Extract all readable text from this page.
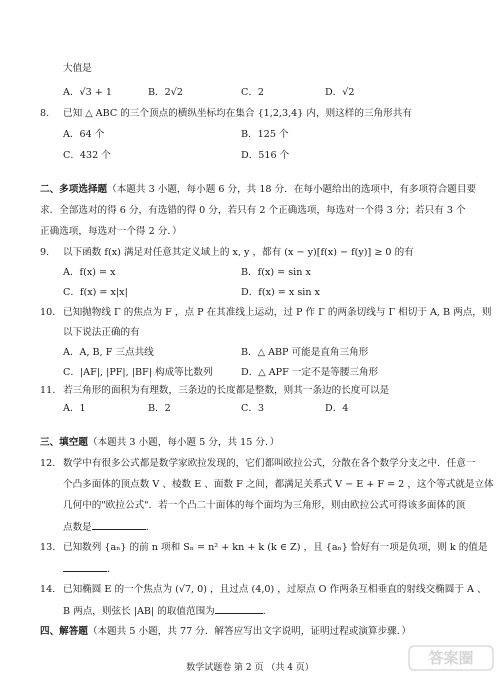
大值是
A．√3 + 1	B．2√2	C．2	D．√2
8. 已知 △ ABC 的三个顶点的横纵坐标均在集合 {1,2,3,4} 内，则这样的三角形共有
A．64 个	B．125 个
C．432 个	D．516 个
二、多项选择题（本题共 3 小题，每小题 6 分，共 18 分．在每小题给出的选项中，有多项符合题目要
求．全部选对的得 6 分，有选错的得 0 分，若只有 2 个正确选项，每选对一个得 3 分；若只有 3 个
正确选项，每选对一个得 2 分．）
9. 以下函数 f(x) 满足对任意其定义域上的 x, y ，都有 (x − y)[f(x) − f(y)] ≥ 0 的有
A．f(x) = x	B．f(x) = sin x
C．f(x) = x|x|	D．f(x) = x sin x
10. 已知抛物线 Γ 的焦点为 F ，点 P 在其准线上运动，过 P 作 Γ 的两条切线与 Γ 相切于 A, B 两点，则
以下说法正确的有
A．A, B, F 三点共线	B．△ ABP 可能是直角三角形
C．|AF|, |PF|, |BF| 构成等比数列	D．△ APF 一定不是等腰三角形
11. 若三角形的面积为有理数，三条边的长度都是整数，则其一条边的长度可以是
A．1	B．2	C．3	D．4
三、填空题（本题共 3 小题，每小题 5 分，共 15 分．）
12. 数学中有很多公式都是数学家欧拉发现的，它们都叫欧拉公式，分散在各个数学分支之中．任意一
个凸多面体的顶点数 V 、棱数 E 、面数 F 之间，都满足关系式 V − E + F = 2 ，这个等式就是立体
几何中的"欧拉公式"．若一个凸二十面体的每个面均为三角形，则由欧拉公式可得该多面体的顶
点数是	．
13. 已知数列 {aₙ} 的前 n 项和 Sₙ = n² + kn + k (k ∈ Z) ，且 {aₙ} 恰好有一项是负项，则 k 的值是
．
14. 已知椭圆 E 的一个焦点为 (√7, 0) ，且过点 (4,0) ，过原点 O 作两条互相垂直的射线交椭圆于 A 、
B 两点，则弦长 |AB| 的取值范围为	．
四、解答题（本题共 5 小题，共 77 分．解答应写出文字说明，证明过程或演算步骤．）
数学试题卷 第 2 页 （共 4 页）
答案圈
